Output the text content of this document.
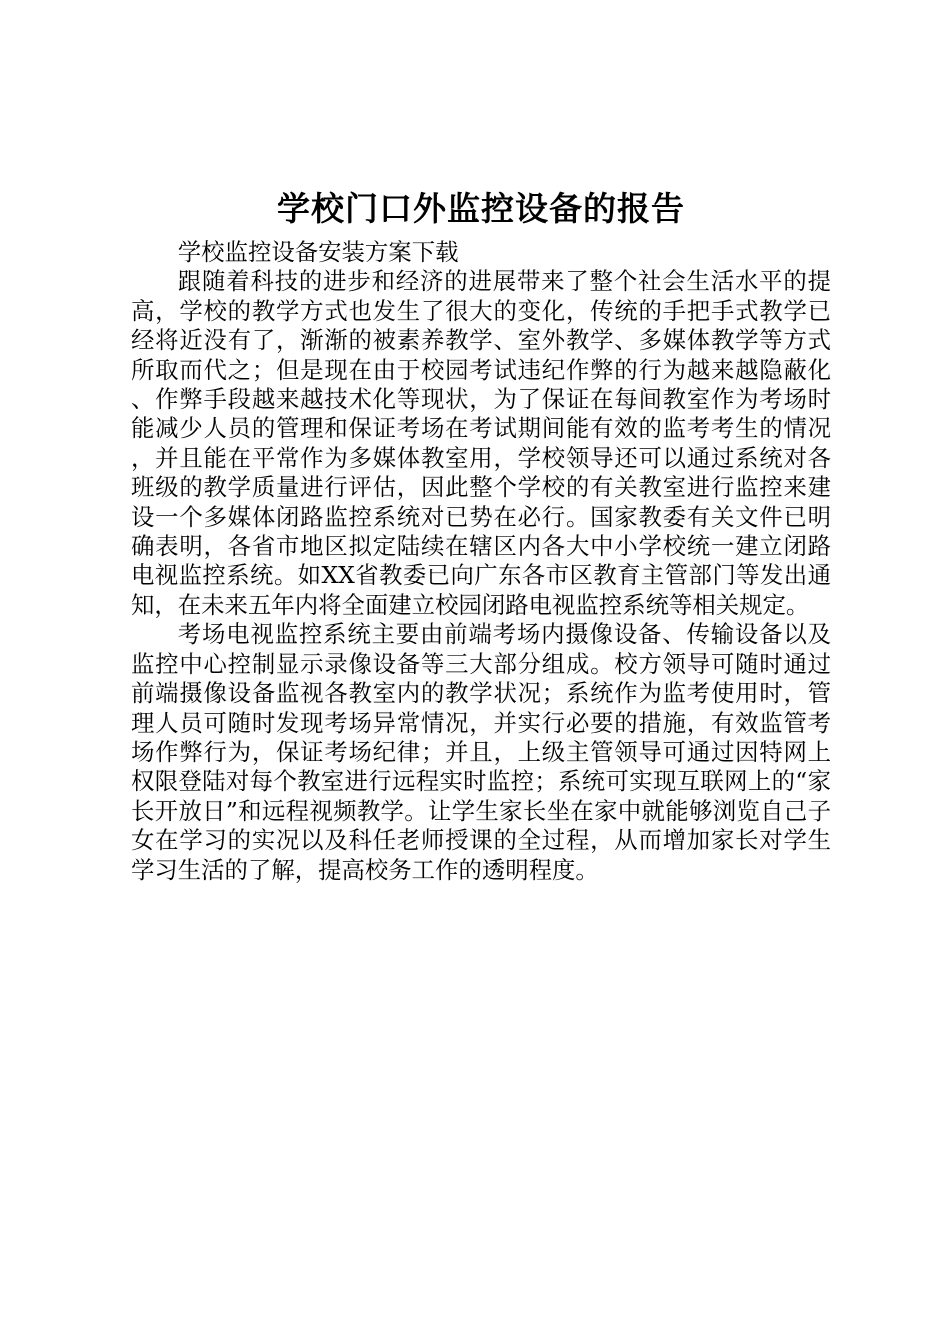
学校门口外监控设备的报告

学校监控设备安装方案下载

跟随着科技的进步和经济的进展带来了整个社会生活水平的提高，学校的教学方式也发生了很大的变化，传统的手把手式教学已经将近没有了，渐渐的被素养教学、室外教学、多媒体教学等方式所取而代之；但是现在由于校园考试违纪作弊的行为越来越隐蔽化、作弊手段越来越技术化等现状，为了保证在每间教室作为考场时能减少人员的管理和保证考场在考试期间能有效的监考考生的情况，并且能在平常作为多媒体教室用，学校领导还可以通过系统对各班级的教学质量进行评估，因此整个学校的有关教室进行监控来建设一个多媒体闭路监控系统对已势在必行。国家教委有关文件已明确表明，各省市地区拟定陆续在辖区内各大中小学校统一建立闭路电视监控系统。如XX省教委已向广东各市区教育主管部门等发出通知，在未来五年内将全面建立校园闭路电视监控系统等相关规定。

考场电视监控系统主要由前端考场内摄像设备、传输设备以及监控中心控制显示录像设备等三大部分组成。校方领导可随时通过前端摄像设备监视各教室内的教学状况；系统作为监考使用时，管理人员可随时发现考场异常情况，并实行必要的措施，有效监管考场作弊行为，保证考场纪律；并且，上级主管领导可通过因特网上权限登陆对每个教室进行远程实时监控；系统可实现互联网上的“家长开放日”和远程视频教学。让学生家长坐在家中就能够浏览自己子女在学习的实况以及科任老师授课的全过程，从而增加家长对学生学习生活的了解，提高校务工作的透明程度。
